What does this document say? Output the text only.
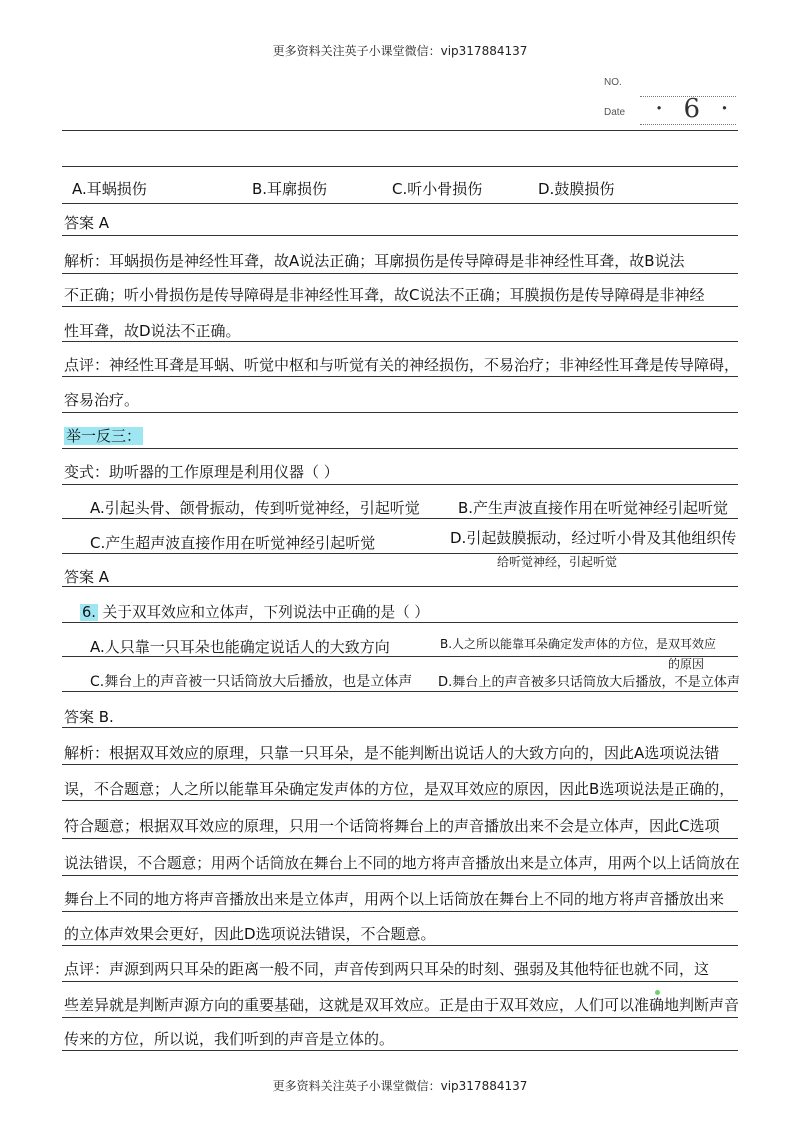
更多资料关注英子小课堂微信：vip317884137
NO.
Date	· 6 ·
A.耳蜗损伤	B.耳廓损伤	C.听小骨损伤	D.鼓膜损伤
答案 A
解析：耳蜗损伤是神经性耳聋，故A说法正确；耳廓损伤是传导障碍是非神经性耳聋，故B说法
不正确；听小骨损伤是传导障碍是非神经性耳聋，故C说法不正确；耳膜损伤是传导障碍是非神经
性耳聋，故D说法不正确。
点评：神经性耳聋是耳蜗、听觉中枢和与听觉有关的神经损伤，不易治疗；非神经性耳聋是传导障碍，
容易治疗。
举一反三：
变式：助听器的工作原理是利用仪器（ ）
A.引起头骨、颌骨振动，传到听觉神经，引起听觉	B.产生声波直接作用在听觉神经引起听觉
C.产生超声波直接作用在听觉神经引起听觉	D.引起鼓膜振动，经过听小骨及其他组织传
给听觉神经，引起听觉
答案 A
6. 关于双耳效应和立体声，下列说法中正确的是（ ）
A.人只靠一只耳朵也能确定说话人的大致方向	B.人之所以能靠耳朵确定发声体的方位，是双耳效应
的原因
C.舞台上的声音被一只话筒放大后播放，也是立体声 D.舞台上的声音被多只话筒放大后播放，不是立体声
答案 B.
解析：根据双耳效应的原理，只靠一只耳朵，是不能判断出说话人的大致方向的，因此A选项说法错
误，不合题意；人之所以能靠耳朵确定发声体的方位，是双耳效应的原因，因此B选项说法是正确的，
符合题意；根据双耳效应的原理，只用一个话筒将舞台上的声音播放出来不会是立体声，因此C选项
说法错误，不合题意；用两个话筒放在舞台上不同的地方将声音播放出来是立体声，用两个以上话筒放在
舞台上不同的地方将声音播放出来是立体声，用两个以上话筒放在舞台上不同的地方将声音播放出来
的立体声效果会更好，因此D选项说法错误，不合题意。
点评：声源到两只耳朵的距离一般不同，声音传到两只耳朵的时刻、强弱及其他特征也就不同，这
些差异就是判断声源方向的重要基础，这就是双耳效应。正是由于双耳效应，人们可以准确地判断声音
传来的方位，所以说，我们听到的声音是立体的。
更多资料关注英子小课堂微信：vip317884137
